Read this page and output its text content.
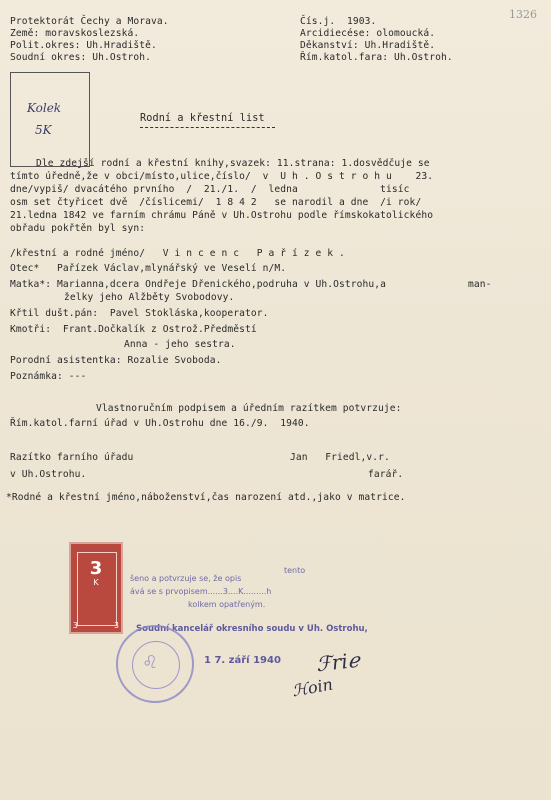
1326
Protektorát Čechy a Morava.
Země: moravskoslezská.
Polit.okres: Uh.Hradiště.
Soudní okres: Uh.Ostroh.
Čís.j.  1903.
Arcidiecése: olomoucká.
Děkanství: Uh.Hradiště.
Řím.katol.fara: Uh.Ostroh.
Kolek
5K
Rodní a křestní list
Dle zdejší rodní a křestní knihy,svazek: 11.strana: 1.dosvědčuje se
tímto úředně,že v obci/místo,ulice,číslo/  v  U h . O s t r o h u    23.
dne/vypiš/ dvacátého prvního  /  21./1.  /  ledna              tisíc
osm set čtyřicet dvě  /číslicemi/  1 8 4 2   se narodil a dne  /i rok/
21.ledna 1842 ve farním chrámu Páně v Uh.Ostrohu podle římskokatolického
obřadu pokřtěn byl syn:
/křestní a rodné jméno/   V i n c e n c   P a ř í z e k .
Otec*   Pařízek Václav,mlynářský ve Veselí n/M.
Matka*: Marianna,dcera Ondřeje Dřenického,podruha v Uh.Ostrohu,a	man-
želky jeho Alžběty Svobodovy.
Křtil dušt.pán:  Pavel Stokláska,kooperator.
Kmotři:  Frant.Dočkalík z Ostrož.Předměstí
Anna - jeho sestra.
Porodní asistentka: Rozalie Svoboda.
Poznámka: ---
Vlastnoručním podpisem a úředním razítkem potvrzuje:
Řím.katol.farní úřad v Uh.Ostrohu dne 16./9.  1940.
Razítko farního úřadu
v Uh.Ostrohu.
Jan   Friedl,v.r.
farář.
*Rodné a křestní jméno,náboženství,čas narození atd.,jako v matrice.
3
K
3	3
šeno a potvrzuje se, že opis
tento
ává se s prvopisem......3....K.........h
kolkem opatřeným.
Soudní kancelář okresního soudu v Uh. Ostrohu,
1 7. září 1940
♌	ℱriℯ
ℋoin
